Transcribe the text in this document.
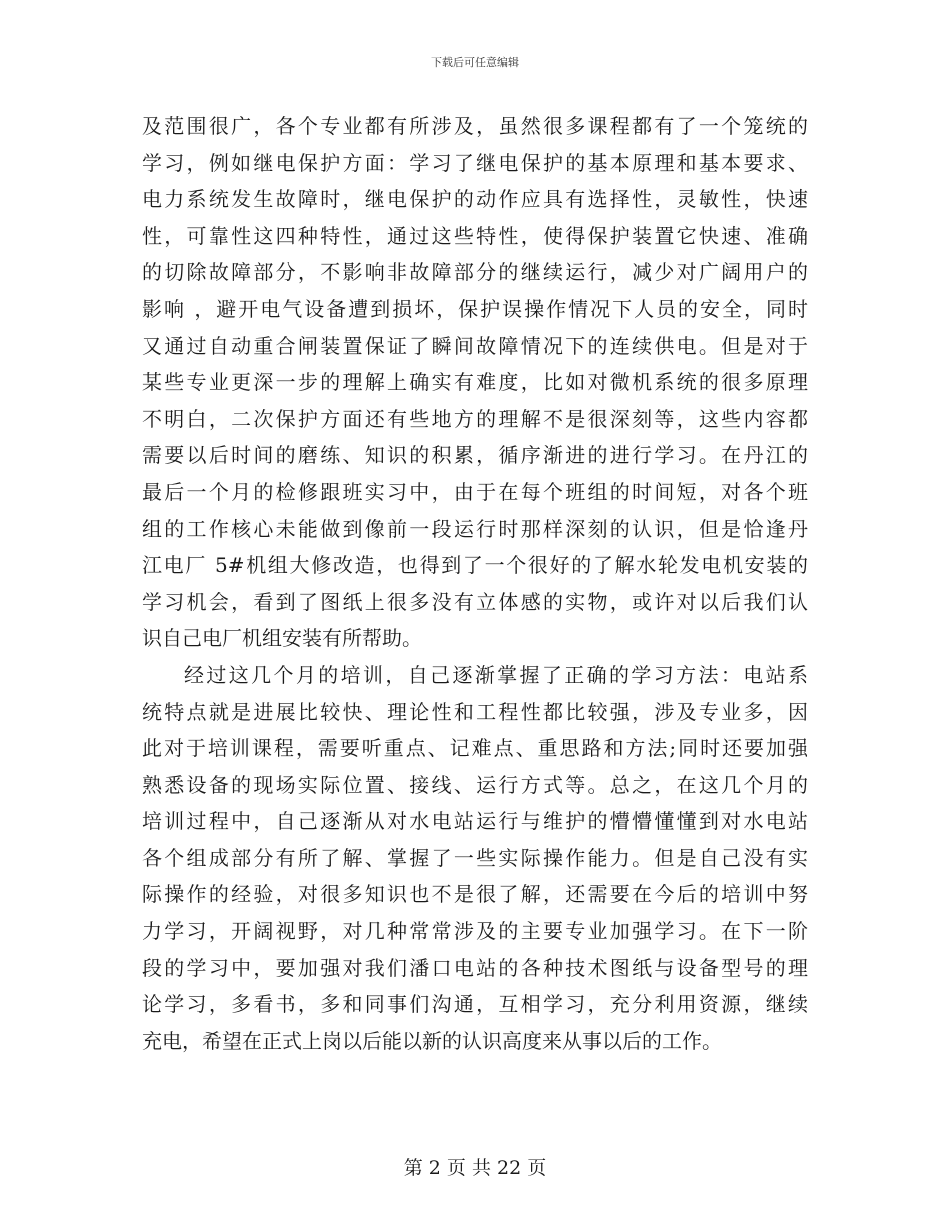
下载后可任意编辑
及范围很广，各个专业都有所涉及，虽然很多课程都有了一个笼统的
学习，例如继电保护方面：学习了继电保护的基本原理和基本要求、
电力系统发生故障时，继电保护的动作应具有选择性，灵敏性，快速
性，可靠性这四种特性，通过这些特性，使得保护装置它快速、准确
的切除故障部分，不影响非故障部分的继续运行，减少对广阔用户的
影响 ，避开电气设备遭到损坏，保护误操作情况下人员的安全，同时
又通过自动重合闸装置保证了瞬间故障情况下的连续供电。但是对于
某些专业更深一步的理解上确实有难度，比如对微机系统的很多原理
不明白，二次保护方面还有些地方的理解不是很深刻等，这些内容都
需要以后时间的磨练、知识的积累，循序渐进的进行学习。在丹江的
最后一个月的检修跟班实习中，由于在每个班组的时间短，对各个班
组的工作核心未能做到像前一段运行时那样深刻的认识，但是恰逢丹
江电厂 5#机组大修改造，也得到了一个很好的了解水轮发电机安装的
学习机会，看到了图纸上很多没有立体感的实物，或许对以后我们认
识自己电厂机组安装有所帮助。
经过这几个月的培训，自己逐渐掌握了正确的学习方法：电站系
统特点就是进展比较快、理论性和工程性都比较强，涉及专业多，因
此对于培训课程，需要听重点、记难点、重思路和方法;同时还要加强
熟悉设备的现场实际位置、接线、运行方式等。总之，在这几个月的
培训过程中，自己逐渐从对水电站运行与维护的懵懵懂懂到对水电站
各个组成部分有所了解、掌握了一些实际操作能力。但是自己没有实
际操作的经验，对很多知识也不是很了解，还需要在今后的培训中努
力学习，开阔视野，对几种常常涉及的主要专业加强学习。在下一阶
段的学习中，要加强对我们潘口电站的各种技术图纸与设备型号的理
论学习，多看书，多和同事们沟通，互相学习，充分利用资源，继续
充电，希望在正式上岗以后能以新的认识高度来从事以后的工作。
第 2 页 共 22 页
